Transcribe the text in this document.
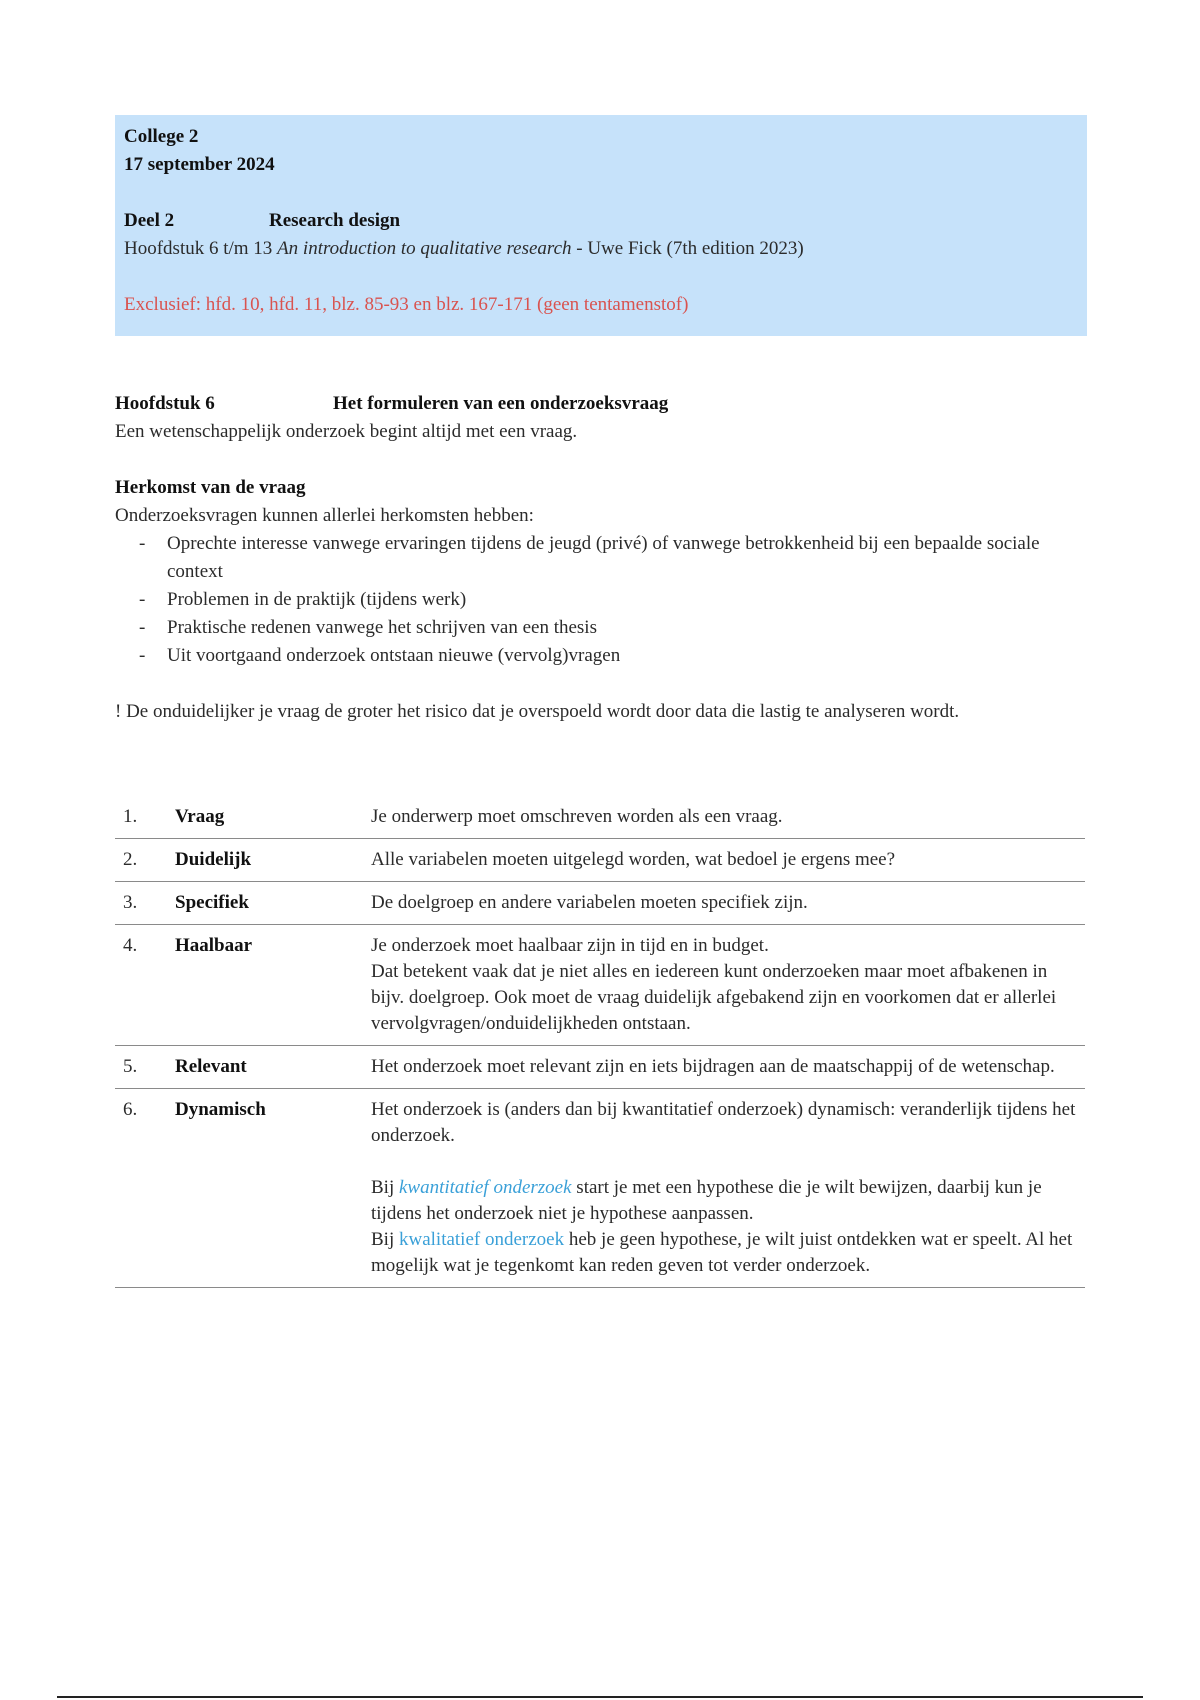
College 2
17 september 2024
Deel 2	Research design
Hoofdstuk 6 t/m 13 An introduction to qualitative research - Uwe Fick (7th edition 2023)
Exclusief: hfd. 10, hfd. 11, blz. 85-93 en blz. 167-171 (geen tentamenstof)
Hoofdstuk 6	Het formuleren van een onderzoeksvraag
Een wetenschappelijk onderzoek begint altijd met een vraag.
Herkomst van de vraag
Onderzoeksvragen kunnen allerlei herkomsten hebben:
- Oprechte interesse vanwege ervaringen tijdens de jeugd (privé) of vanwege betrokkenheid bij een bepaalde sociale context
- Problemen in de praktijk (tijdens werk)
- Praktische redenen vanwege het schrijven van een thesis
- Uit voortgaand onderzoek ontstaan nieuwe (vervolg)vragen
! De onduidelijker je vraag de groter het risico dat je overspoeld wordt door data die lastig te analyseren wordt.
1.	Vraag	Je onderwerp moet omschreven worden als een vraag.
2.	Duidelijk	Alle variabelen moeten uitgelegd worden, wat bedoel je ergens mee?
3.	Specifiek	De doelgroep en andere variabelen moeten specifiek zijn.
4.	Haalbaar	Je onderzoek moet haalbaar zijn in tijd en in budget.
Dat betekent vaak dat je niet alles en iedereen kunt onderzoeken maar moet afbakenen in bijv. doelgroep. Ook moet de vraag duidelijk afgebakend zijn en voorkomen dat er allerlei vervolgvragen/onduidelijkheden ontstaan.

5.	Relevant	Het onderzoek moet relevant zijn en iets bijdragen aan de maatschappij of de wetenschap.
6.	Dynamisch	Het onderzoek is (anders dan bij kwantitatief onderzoek) dynamisch: veranderlijk tijdens het onderzoek.
Bij kwantitatief onderzoek start je met een hypothese die je wilt bewijzen, daarbij kun je tijdens het onderzoek niet je hypothese aanpassen.
Bij kwalitatief onderzoek heb je geen hypothese, je wilt juist ontdekken wat er speelt. Al het mogelijk wat je tegenkomt kan reden geven tot verder onderzoek.
